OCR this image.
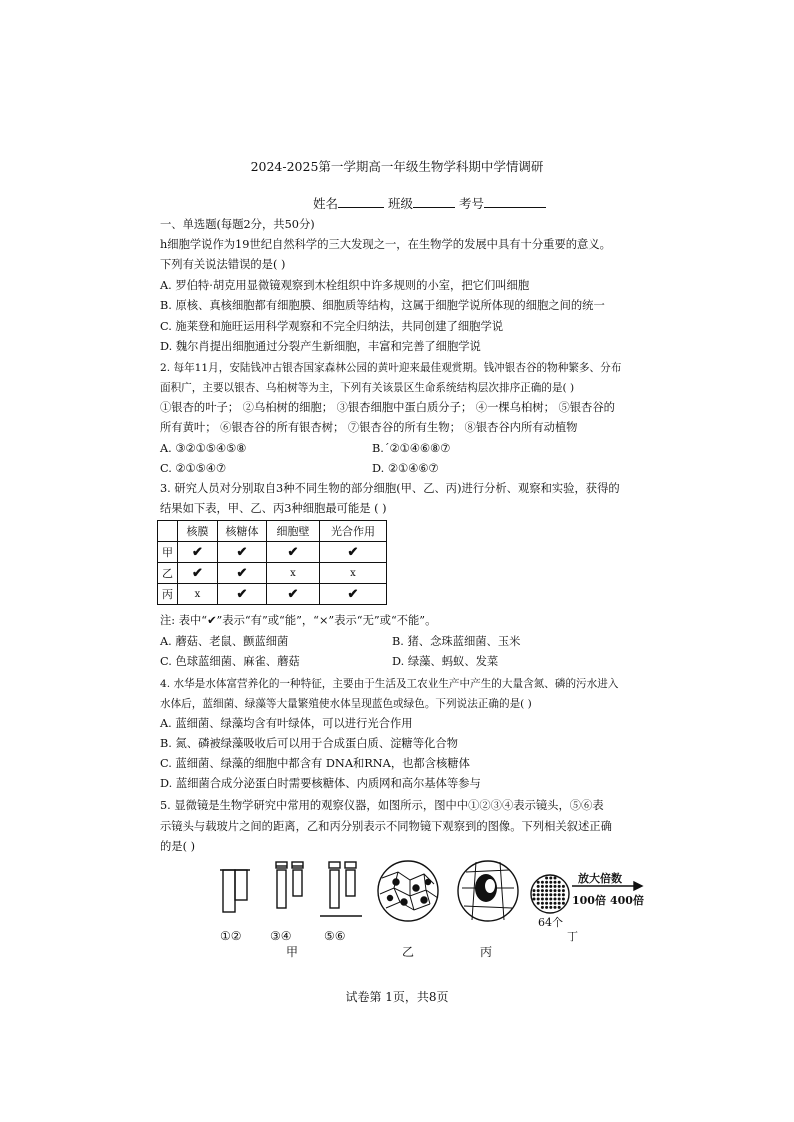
2024-2025第一学期高一年级生物学科期中学情调研
姓名	班级	考号
一、单选题(每题2分，共50分)
h细胞学说作为19世纪自然科学的三大发现之一，在生物学的发展中具有十分重要的意义。
下列有关说法错误的是( )
A. 罗伯特·胡克用显微镜观察到木栓组织中许多规则的小室，把它们叫细胞
B. 原核、真核细胞都有细胞膜、细胞质等结构，这属于细胞学说所体现的细胞之间的统一
C. 施莱登和施旺运用科学观察和不完全归纳法，共同创建了细胞学说
D. 魏尔肖提出细胞通过分裂产生新细胞，丰富和完善了细胞学说
2. 每年11月，安陆钱冲古银杏国家森林公园的黄叶迎来最佳观赏期。钱冲银杏谷的物种繁多、分布
面积广，主要以银杏、乌桕树等为主，下列有关该景区生命系统结构层次排序正确的是( )
①银杏的叶子； ②乌桕树的细胞； ③银杏细胞中蛋白质分子； ④一棵乌桕树； ⑤银杏谷的
所有黄叶； ⑥银杏谷的所有银杏树； ⑦银杏谷的所有生物； ⑧银杏谷内所有动植物
A. ③②①⑤④⑤⑧	B.ˊ②①④⑥⑧⑦
C. ②①⑤④⑦	D. ②①④⑥⑦
3. 研究人员对分别取自3种不同生物的部分细胞(甲、乙、丙)进行分析、观察和实验，获得的
结果如下表，甲、乙、丙3种细胞最可能是 ( )
	核膜	核糖体	细胞壁	光合作用
甲	✔	✔	✔	✔
乙	✔	✔	x	x
丙	x	✔	✔	✔
注: 表中“✔”表示“有”或“能”，“×”表示“无”或“不能”。
A. 蘑菇、老鼠、颤蓝细菌	B. 猪、念珠蓝细菌、玉米
C. 色球蓝细菌、麻雀、蘑菇	D. 绿藻、蚂蚁、发菜
4. 水华是水体富营养化的一种特征，主要由于生活及工农业生产中产生的大量含氮、磷的污水进入
水体后，蓝细菌、绿藻等大量繁殖使水体呈现蓝色或绿色。下列说法正确的是( )
A. 蓝细菌、绿藻均含有叶绿体，可以进行光合作用
B. 氮、磷被绿藻吸收后可以用于合成蛋白质、淀糖等化合物
C. 蓝细菌、绿藻的细胞中都含有 DNA和RNA，也都含核糖体
D. 蓝细菌合成分泌蛋白时需要核糖体、内质网和高尔基体等参与
5. 显微镜是生物学研究中常用的观察仪器，如图所示，图中中①②③④表示镜头，⑤⑥表
示镜头与载玻片之间的距离，乙和丙分别表示不同物镜下观察到的图像。下列相关叙述正确
的是( )
放大倍数
100倍 400倍
64个
丁
①② ③④	⑤⑥
甲	乙	丙
试卷第 1页，共8页
